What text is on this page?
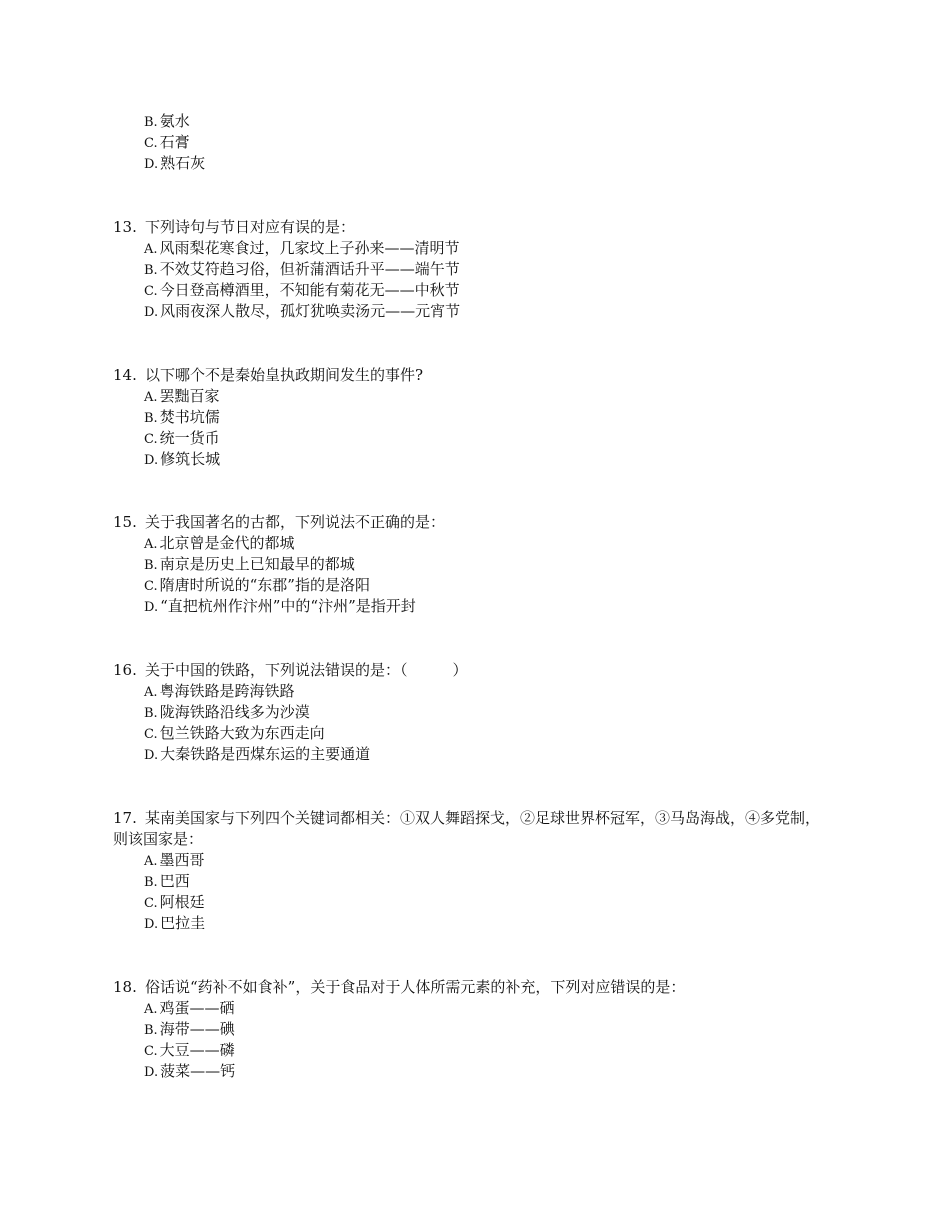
B. 氨水
C. 石膏
D. 熟石灰
13. 下列诗句与节日对应有误的是：
A. 风雨梨花寒食过，几家坟上子孙来——清明节
B. 不效艾符趋习俗，但祈蒲酒话升平——端午节
C. 今日登高樽酒里，不知能有菊花无——中秋节
D. 风雨夜深人散尽，孤灯犹唤卖汤元——元宵节
14. 以下哪个不是秦始皇执政期间发生的事件?
A. 罢黜百家
B. 焚书坑儒
C. 统一货币
D. 修筑长城
15. 关于我国著名的古都，下列说法不正确的是：
A. 北京曾是金代的都城
B. 南京是历史上已知最早的都城
C. 隋唐时所说的“东郡”指的是洛阳
D. “直把杭州作汴州”中的“汴州”是指开封
16. 关于中国的铁路，下列说法错误的是：（　　　）
A. 粤海铁路是跨海铁路
B. 陇海铁路沿线多为沙漠
C. 包兰铁路大致为东西走向
D. 大秦铁路是西煤东运的主要通道
17. 某南美国家与下列四个关键词都相关：①双人舞蹈探戈，②足球世界杯冠军，③马岛海战，④多党制，则该国家是：
A. 墨西哥
B. 巴西
C. 阿根廷
D. 巴拉圭
18. 俗话说“药补不如食补”，关于食品对于人体所需元素的补充，下列对应错误的是：
A. 鸡蛋——硒
B. 海带——碘
C. 大豆——磷
D. 菠菜——钙
